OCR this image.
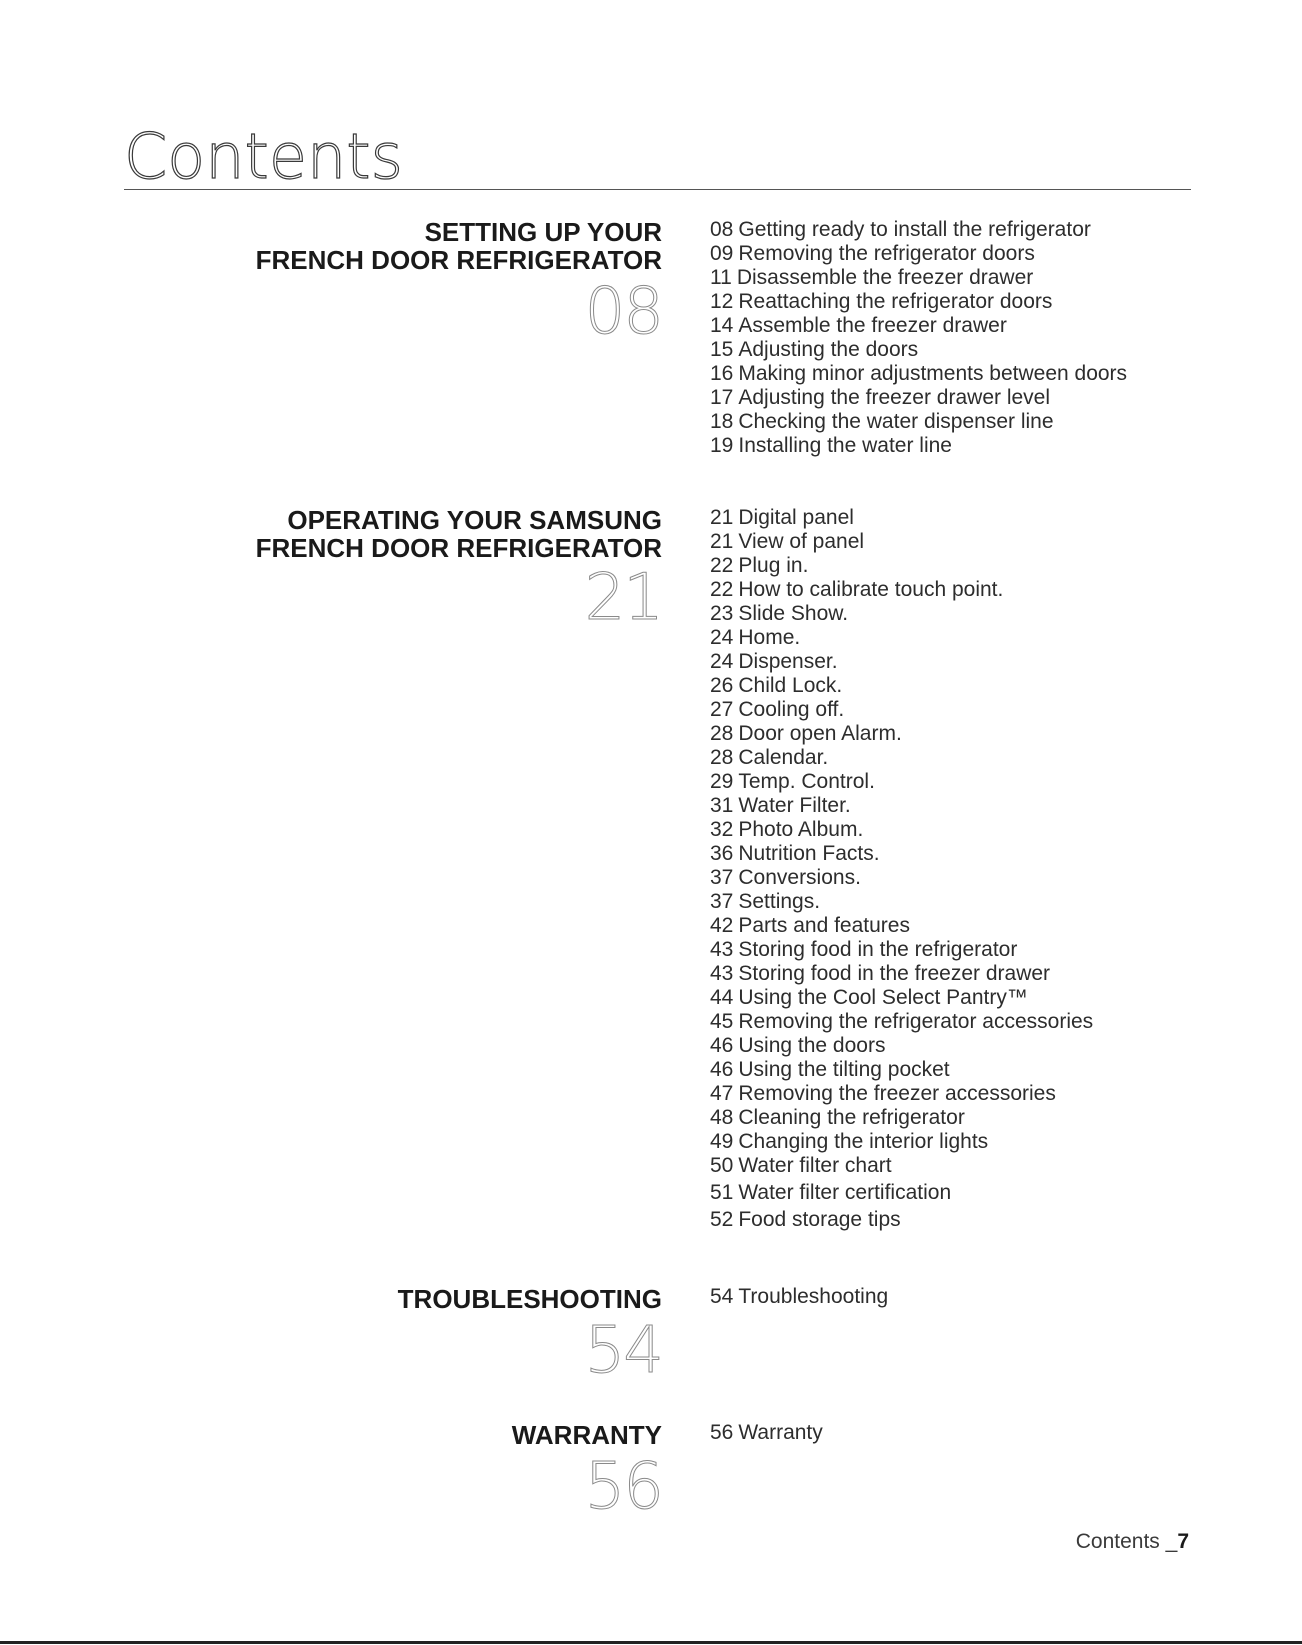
Contents
SETTING UP YOUR
FRENCH DOOR REFRIGERATOR
08
08 Getting ready to install the refrigerator
09 Removing the refrigerator doors
11 Disassemble the freezer drawer
12 Reattaching the refrigerator doors
14 Assemble the freezer drawer
15 Adjusting the doors
16 Making minor adjustments between doors
17 Adjusting the freezer drawer level
18 Checking the water dispenser line
19 Installing the water line
OPERATING YOUR SAMSUNG
FRENCH DOOR REFRIGERATOR
21
21 Digital panel
21 View of panel
22 Plug in.
22 How to calibrate touch point.
23 Slide Show.
24 Home.
24 Dispenser.
26 Child Lock.
27 Cooling off.
28 Door open Alarm.
28 Calendar.
29 Temp. Control.
31 Water Filter.
32 Photo Album.
36 Nutrition Facts.
37 Conversions.
37 Settings.
42 Parts and features
43 Storing food in the refrigerator
43 Storing food in the freezer drawer
44 Using the Cool Select Pantry™
45 Removing the refrigerator accessories
46 Using the doors
46 Using the tilting pocket
47 Removing the freezer accessories
48 Cleaning the refrigerator
49 Changing the interior lights
50 Water filter chart
51 Water filter certification
52 Food storage tips
TROUBLESHOOTING
54
54 Troubleshooting
WARRANTY
56
56 Warranty
Contents _7
